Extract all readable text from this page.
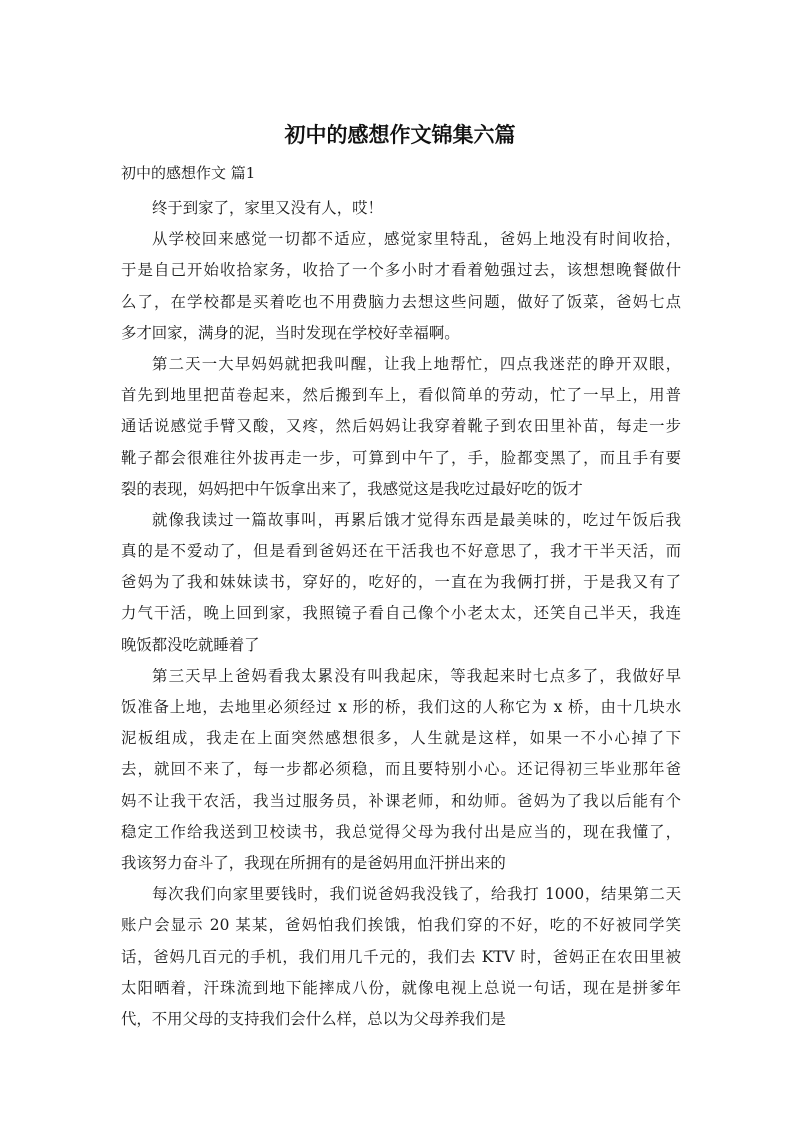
初中的感想作文锦集六篇
初中的感想作文 篇1
终于到家了，家里又没有人，哎！
从学校回来感觉一切都不适应，感觉家里特乱，爸妈上地没有时间收拾，
于是自己开始收拾家务，收拾了一个多小时才看着勉强过去，该想想晚餐做什
么了，在学校都是买着吃也不用费脑力去想这些问题，做好了饭菜，爸妈七点
多才回家，满身的泥，当时发现在学校好幸福啊。
第二天一大早妈妈就把我叫醒，让我上地帮忙，四点我迷茫的睁开双眼，
首先到地里把苗卷起来，然后搬到车上，看似简单的劳动，忙了一早上，用普
通话说感觉手臂又酸，又疼，然后妈妈让我穿着靴子到农田里补苗，每走一步
靴子都会很难往外拔再走一步，可算到中午了，手，脸都变黑了，而且手有要
裂的表现，妈妈把中午饭拿出来了，我感觉这是我吃过最好吃的饭才
就像我读过一篇故事叫，再累后饿才觉得东西是最美味的，吃过午饭后我
真的是不爱动了，但是看到爸妈还在干活我也不好意思了，我才干半天活，而
爸妈为了我和妹妹读书，穿好的，吃好的，一直在为我俩打拼，于是我又有了
力气干活，晚上回到家，我照镜子看自己像个小老太太，还笑自己半天，我连
晚饭都没吃就睡着了
第三天早上爸妈看我太累没有叫我起床，等我起来时七点多了，我做好早
饭准备上地，去地里必须经过 x 形的桥，我们这的人称它为 x 桥，由十几块水
泥板组成，我走在上面突然感想很多，人生就是这样，如果一不小心掉了下
去，就回不来了，每一步都必须稳，而且要特别小心。还记得初三毕业那年爸
妈不让我干农活，我当过服务员，补课老师，和幼师。爸妈为了我以后能有个
稳定工作给我送到卫校读书，我总觉得父母为我付出是应当的，现在我懂了，
我该努力奋斗了，我现在所拥有的是爸妈用血汗拼出来的
每次我们向家里要钱时，我们说爸妈我没钱了，给我打 1000，结果第二天
账户会显示 20 某某，爸妈怕我们挨饿，怕我们穿的不好，吃的不好被同学笑
话，爸妈几百元的手机，我们用几千元的，我们去 KTV 时，爸妈正在农田里被
太阳晒着，汗珠流到地下能摔成八份，就像电视上总说一句话，现在是拼爹年
代，不用父母的支持我们会什么样，总以为父母养我们是
